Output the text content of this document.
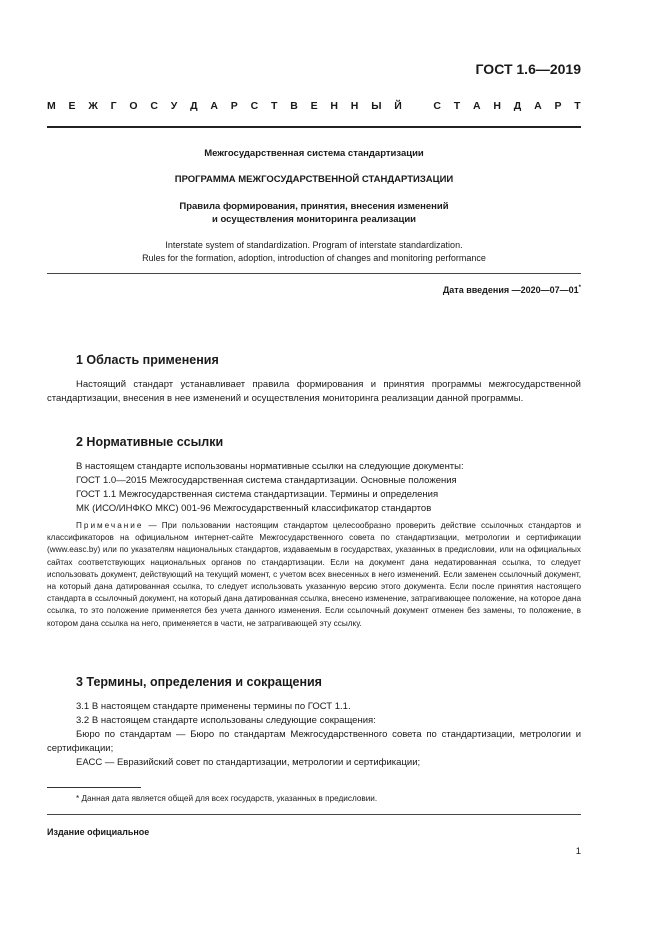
ГОСТ 1.6—2019
М Е Ж Г О С У Д А Р С Т В Е Н Н Ы Й	С Т А Н Д А Р Т
Межгосударственная система стандартизации
ПРОГРАММА МЕЖГОСУДАРСТВЕННОЙ СТАНДАРТИЗАЦИИ
Правила формирования, принятия, внесения изменений
и осуществления мониторинга реализации
Interstate system of standardization. Program of interstate standardization.
Rules for the formation, adoption, introduction of changes and monitoring performance
Дата введения —2020—07—01*
1 Область применения

Настоящий стандарт устанавливает правила формирования и принятия программы межгосударственной стандартизации, внесения в нее изменений и осуществления мониторинга реализации данной программы.

2 Нормативные ссылки
В настоящем стандарте использованы нормативные ссылки на следующие документы:
ГОСТ 1.0—2015 Межгосударственная система стандартизации. Основные положения
ГОСТ 1.1 Межгосударственная система стандартизации. Термины и определения
МК (ИСО/ИНФКО МКС) 001-96 Межгосударственный классификатор стандартов

Примечание — При пользовании настоящим стандартом целесообразно проверить действие ссылочных стандартов и классификаторов на официальном интернет-сайте Межгосударственного совета по стандартизации, метрологии и сертификации (www.easc.by) или по указателям национальных стандартов, издаваемым в государствах, указанных в предисловии, или на официальных сайтах соответствующих национальных органов по стандартизации. Если на документ дана недатированная ссылка, то следует использовать документ, действующий на текущий момент, с учетом всех внесенных в него изменений. Если заменен ссылочный документ, на который дана датированная ссылка, то следует использовать указанную версию этого документа. Если после принятия настоящего стандарта в ссылочный документ, на который дана датированная ссылка, внесено изменение, затрагивающее положение, на которое дана ссылка, то это положение применяется без учета данного изменения. Если ссылочный документ отменен без замены, то положение, в котором дана ссылка на него, применяется в части, не затрагивающей эту ссылку.

3 Термины, определения и сокращения
3.1 В настоящем стандарте применены термины по ГОСТ 1.1.
3.2 В настоящем стандарте использованы следующие сокращения:

Бюро по стандартам — Бюро по стандартам Межгосударственного совета по стандартизации, метрологии и сертификации;

ЕАСС — Евразийский совет по стандартизации, метрологии и сертификации;

* Данная дата является общей для всех государств, указанных в предисловии.
Издание официальное
1
